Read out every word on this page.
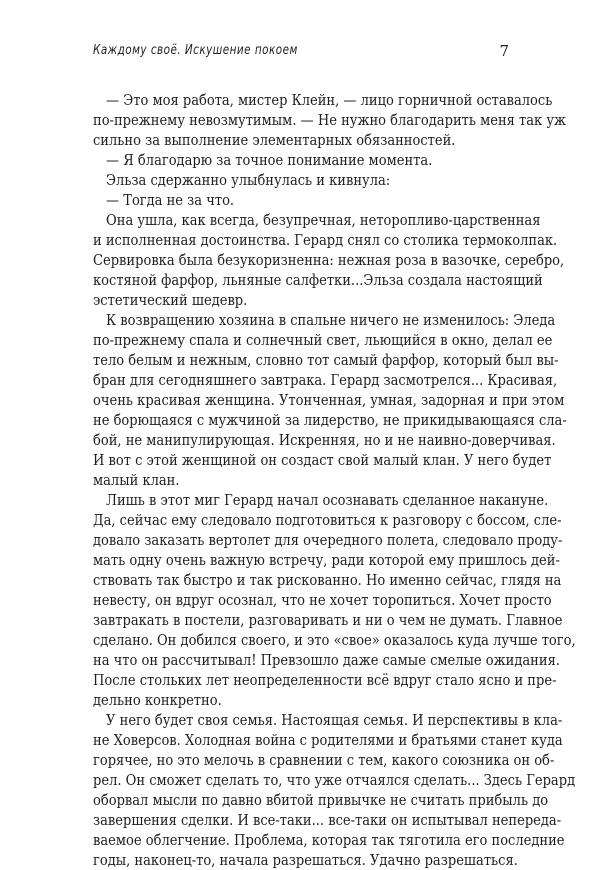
Каждому своё. Искушение покоем	7
— Это моя работа, мистер Клейн, — лицо горничной оставалось
по-прежнему невозмутимым. — Не нужно благодарить меня так уж
сильно за выполнение элементарных обязанностей.
— Я благодарю за точное понимание момента.
Эльза сдержанно улыбнулась и кивнула:
— Тогда не за что.
Она ушла, как всегда, безупречная, неторопливо-царственная
и исполненная достоинства. Герард снял со столика термоколпак.
Сервировка была безукоризненна: нежная роза в вазочке, серебро,
костяной фарфор, льняные салфетки...Эльза создала настоящий
эстетический шедевр.
К возвращению хозяина в спальне ничего не изменилось: Эледа
по-прежнему спала и солнечный свет, льющийся в окно, делал ее
тело белым и нежным, словно тот самый фарфор, который был вы-
бран для сегодняшнего завтрака. Герард засмотрелся... Красивая,
очень красивая женщина. Утонченная, умная, задорная и при этом
не борющаяся с мужчиной за лидерство, не прикидывающаяся сла-
бой, не манипулирующая. Искренняя, но и не наивно-доверчивая.
И вот с этой женщиной он создаст свой малый клан. У него будет
малый клан.
Лишь в этот миг Герард начал осознавать сделанное накануне.
Да, сейчас ему следовало подготовиться к разговору с боссом, сле-
довало заказать вертолет для очередного полета, следовало проду-
мать одну очень важную встречу, ради которой ему пришлось дей-
ствовать так быстро и так рискованно. Но именно сейчас, глядя на
невесту, он вдруг осознал, что не хочет торопиться. Хочет просто
завтракать в постели, разговаривать и ни о чем не думать. Главное
сделано. Он добился своего, и это «свое» оказалось куда лучше того,
на что он рассчитывал! Превзошло даже самые смелые ожидания.
После стольких лет неопределенности всё вдруг стало ясно и пре-
дельно конкретно.
У него будет своя семья. Настоящая семья. И перспективы в кла-
не Ховерсов. Холодная война с родителями и братьями станет куда
горячее, но это мелочь в сравнении с тем, какого союзника он об-
рел. Он сможет сделать то, что уже отчаялся сделать... Здесь Герард
оборвал мысли по давно вбитой привычке не считать прибыль до
завершения сделки. И все-таки... все-таки он испытывал неперeда-
ваемое облегчение. Проблема, которая так тяготила его последние
годы, наконец-то, начала разрешаться. Удачно разрешаться.
